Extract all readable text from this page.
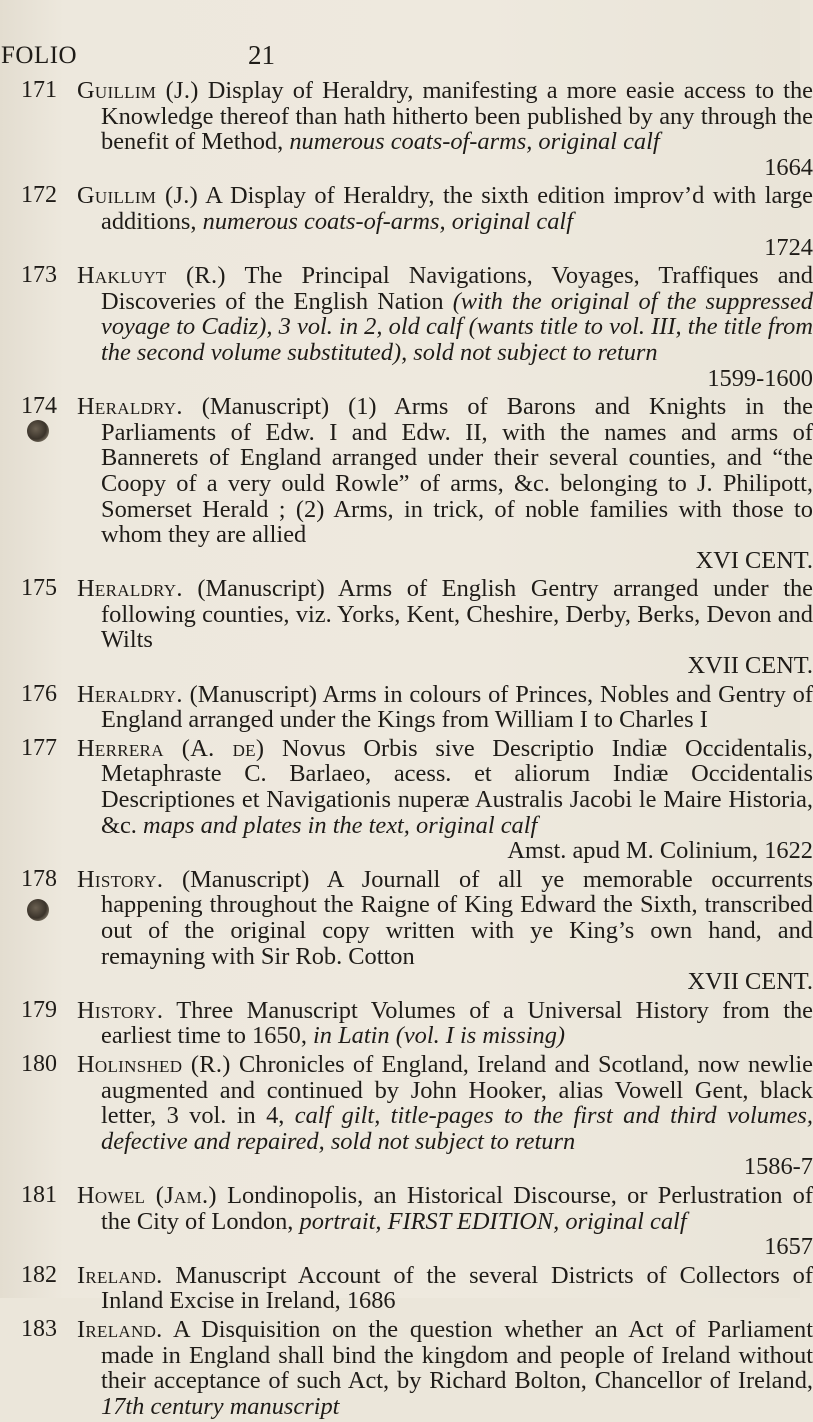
FOLIO	21
171 Guillim (J.) Display of Heraldry, manifesting a more easie access to the Knowledge thereof than hath hitherto been published by any through the benefit of Method, numerous coats-of-arms, original calf
1664
172 Guillim (J.) A Display of Heraldry, the sixth edition improv’d with large additions, numerous coats-of-arms, original calf
1724
173 Hakluyt (R.) The Principal Navigations, Voyages, Traffiques and Discoveries of the English Nation (with the original of the suppressed voyage to Cadiz), 3 vol. in 2, old calf (wants title to vol. III, the title from the second volume substituted), sold not subject to return
1599-1600
174 Heraldry. (Manuscript) (1) Arms of Barons and Knights in the Parliaments of Edw. I and Edw. II, with the names and arms of Bannerets of England arranged under their several counties, and “the Coopy of a very ould Rowle” of arms, &c. belonging to J. Philipott, Somerset Herald ; (2) Arms, in trick, of noble families with those to whom they are allied
XVI CENT.
175 Heraldry. (Manuscript) Arms of English Gentry arranged under the following counties, viz. Yorks, Kent, Cheshire, Derby, Berks, Devon and Wilts
XVII CENT.
176 Heraldry. (Manuscript) Arms in colours of Princes, Nobles and Gentry of England arranged under the Kings from William I to Charles I
177 Herrera (A. de) Novus Orbis sive Descriptio Indiæ Occidentalis, Metaphraste C. Barlaeo, acess. et aliorum Indiæ Occidentalis Descriptiones et Navigationis nuperæ Australis Jacobi le Maire Historia, &c. maps and plates in the text, original calf
Amst. apud M. Colinium, 1622
178 History. (Manuscript) A Journall of all ye memorable occurrents happening throughout the Raigne of King Edward the Sixth, transcribed out of the original copy written with ye King’s own hand, and remayning with Sir Rob. Cotton
XVII CENT.
179 History. Three Manuscript Volumes of a Universal History from the earliest time to 1650, in Latin (vol. I is missing)
180 Holinshed (R.) Chronicles of England, Ireland and Scotland, now newlie augmented and continued by John Hooker, alias Vowell Gent, black letter, 3 vol. in 4, calf gilt, title-pages to the first and third volumes, defective and repaired, sold not subject to return
1586-7
181 Howel (Jam.) Londinopolis, an Historical Discourse, or Perlustration of the City of London, portrait, FIRST EDITION, original calf
1657
182 Ireland. Manuscript Account of the several Districts of Collectors of Inland Excise in Ireland, 1686
183 Ireland. A Disquisition on the question whether an Act of Parliament made in England shall bind the kingdom and people of Ireland without their acceptance of such Act, by Richard Bolton, Chancellor of Ireland, 17th century manuscript
